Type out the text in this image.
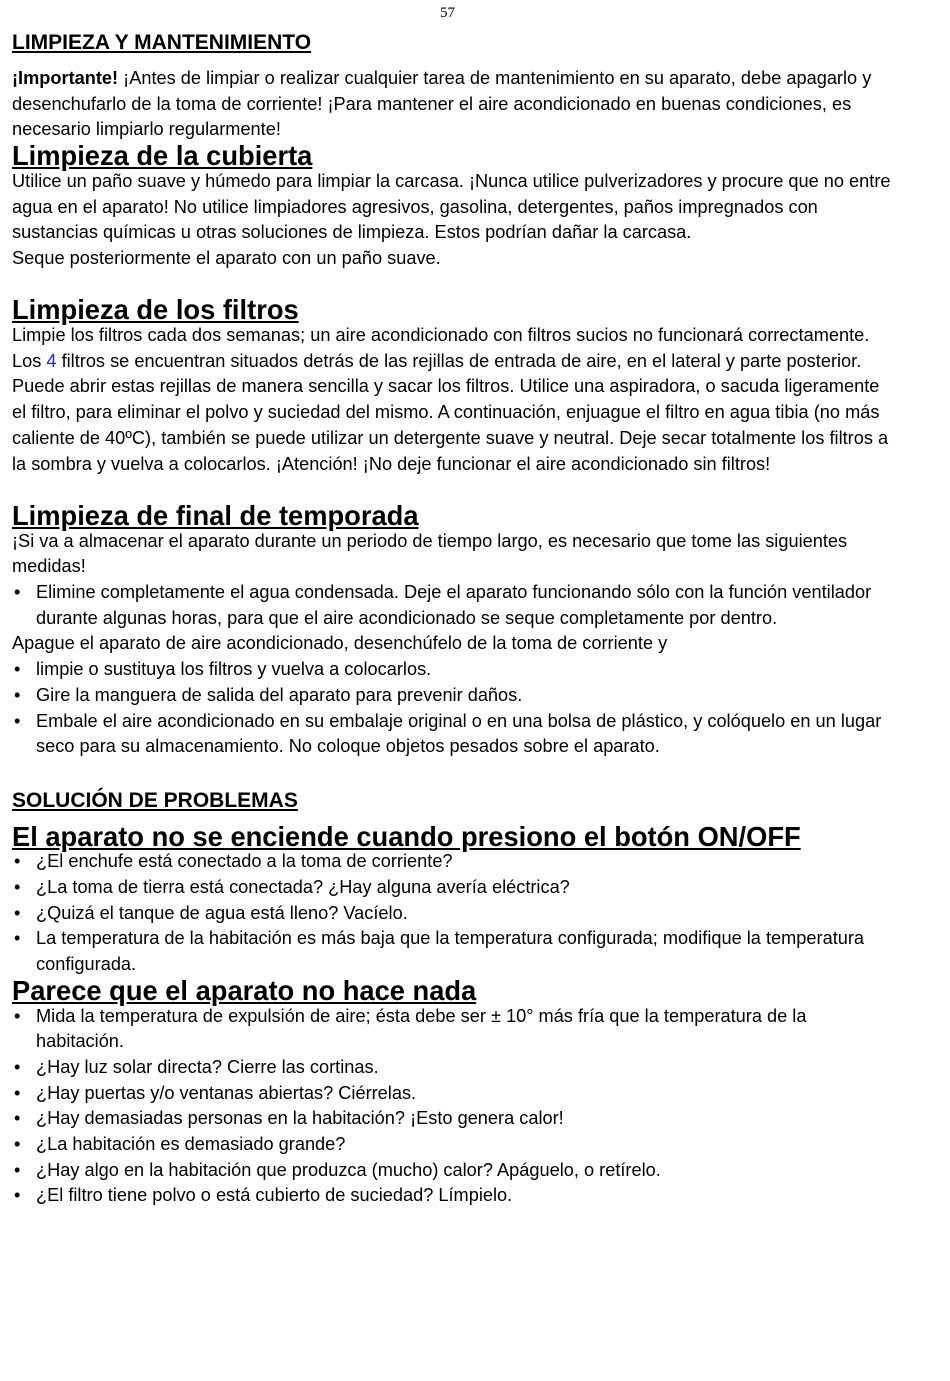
57
LIMPIEZA Y MANTENIMIENTO

¡Importante! ¡Antes de limpiar o realizar cualquier tarea de mantenimiento en su aparato, debe apagarlo y desenchufarlo de la toma de corriente! ¡Para mantener el aire acondicionado en buenas condiciones, es necesario limpiarlo regularmente!

Limpieza de la cubierta

Utilice un paño suave y húmedo para limpiar la carcasa. ¡Nunca utilice pulverizadores y procure que no entre agua en el aparato! No utilice limpiadores agresivos, gasolina, detergentes, paños impregnados con sustancias químicas u otras soluciones de limpieza. Estos podrían dañar la carcasa.

Seque posteriormente el aparato con un paño suave.

Limpieza de los filtros

Limpie los filtros cada dos semanas; un aire acondicionado con filtros sucios no funcionará correctamente. Los 4 filtros se encuentran situados detrás de las rejillas de entrada de aire, en el lateral y parte posterior. Puede abrir estas rejillas de manera sencilla y sacar los filtros. Utilice una aspiradora, o sacuda ligeramente el filtro, para eliminar el polvo y suciedad del mismo. A continuación, enjuague el filtro en agua tibia (no más caliente de 40ºC), también se puede utilizar un detergente suave y neutral. Deje secar totalmente los filtros a la sombra y vuelva a colocarlos. ¡Atención! ¡No deje funcionar el aire acondicionado sin filtros!

Limpieza de final de temporada

¡Si va a almacenar el aparato durante un periodo de tiempo largo, es necesario que tome las siguientes medidas!

• Elimine completamente el agua condensada. Deje el aparato funcionando sólo con la función ventilador durante algunas horas, para que el aire acondicionado se seque completamente por dentro.

Apague el aparato de aire acondicionado, desenchúfelo de la toma de corriente y

• limpie o sustituya los filtros y vuelva a colocarlos.
• Gire la manguera de salida del aparato para prevenir daños.
• Embale el aire acondicionado en su embalaje original o en una bolsa de plástico, y colóquelo en un lugar seco para su almacenamiento. No coloque objetos pesados sobre el aparato.
SOLUCIÓN DE PROBLEMAS
El aparato no se enciende cuando presiono el botón ON/OFF
• ¿El enchufe está conectado a la toma de corriente?
• ¿La toma de tierra está conectada? ¿Hay alguna avería eléctrica?
• ¿Quizá el tanque de agua está lleno? Vacíelo.
• La temperatura de la habitación es más baja que la temperatura configurada; modifique la temperatura configurada.
Parece que el aparato no hace nada
• Mida la temperatura de expulsión de aire; ésta debe ser ± 10° más fría que la temperatura de la habitación.
• ¿Hay luz solar directa? Cierre las cortinas.
• ¿Hay puertas y/o ventanas abiertas? Ciérrelas.
• ¿Hay demasiadas personas en la habitación? ¡Esto genera calor!
• ¿La habitación es demasiado grande?
• ¿Hay algo en la habitación que produzca (mucho) calor? Apáguelo, o retírelo.
• ¿El filtro tiene polvo o está cubierto de suciedad? Límpielo.
